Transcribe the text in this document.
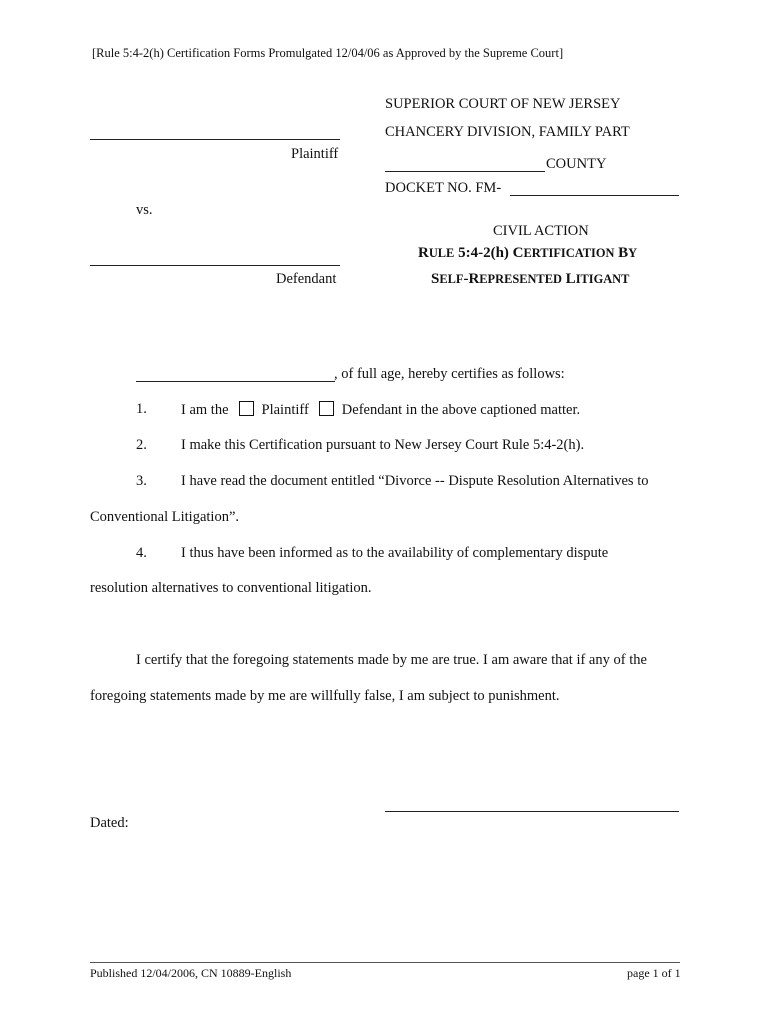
[Rule 5:4-2(h) Certification Forms Promulgated 12/04/06 as Approved by the Supreme Court]
SUPERIOR COURT OF NEW JERSEY
CHANCERY DIVISION, FAMILY PART
COUNTY
DOCKET NO. FM-
CIVIL ACTION
RULE 5:4-2(h) CERTIFICATION BY
SELF-REPRESENTED LITIGANT
Plaintiff
vs.
Defendant
, of full age, hereby certifies as follows:
1. I am the Plaintiff Defendant in the above captioned matter.
2. I make this Certification pursuant to New Jersey Court Rule 5:4-2(h).
3. I have read the document entitled “Divorce -- Dispute Resolution Alternatives to
Conventional Litigation”.
4. I thus have been informed as to the availability of complementary dispute
resolution alternatives to conventional litigation.
I certify that the foregoing statements made by me are true. I am aware that if any of the
foregoing statements made by me are willfully false, I am subject to punishment.
Dated:
Published 12/04/2006, CN 10889-English	page 1 of 1
